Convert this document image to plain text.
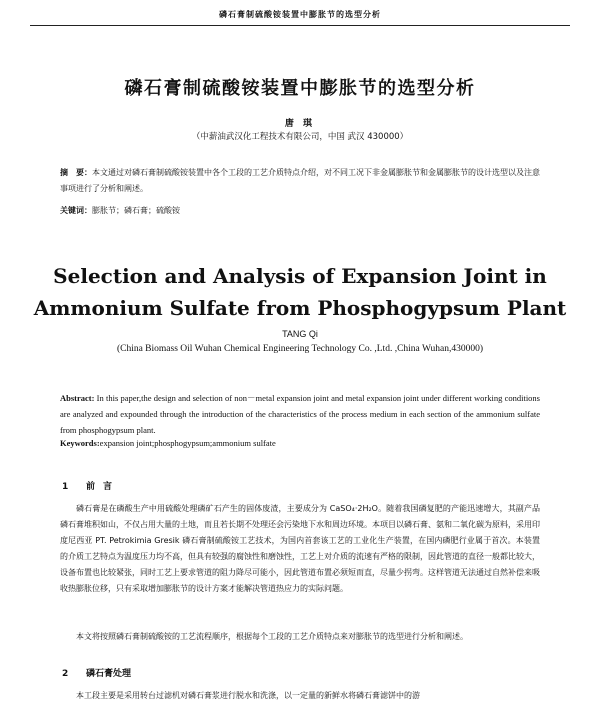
磷石膏制硫酸铵装置中膨胀节的选型分析
磷石膏制硫酸铵装置中膨胀节的选型分析
唐 琪
（中薪油武汉化工程技术有限公司，中国 武汉 430000）
摘　要：本文通过对磷石膏制硫酸铵装置中各个工段的工艺介质特点介绍，对不同工况下非金属膨胀节和金属膨胀节的设计选型以及注意事项进行了分析和阐述。
关键词：膨胀节；磷石膏；硫酸铵
Selection and Analysis of Expansion Joint in
Ammonium Sulfate from Phosphogypsum Plant
TANG Qi
(China Biomass Oil Wuhan Chemical Engineering Technology Co. ,Ltd. ,China Wuhan,430000)
Abstract: In this paper,the design and selection of non－metal expansion joint and metal expansion joint under different working conditions are analyzed and expounded through the introduction of the characteristics of the process medium in each section of the ammonium sulfate from phosphogypsum plant.
Keywords:expansion joint;phosphogypsum;ammonium sulfate
1 前言
磷石膏是在磷酸生产中用硫酸处理磷矿石产生的固体废渣，主要成分为 CaSO₄·2H₂O。随着我国磷复肥的产能迅速增大，其副产品磷石膏堆积如山，不仅占用大量的土地，而且若长期不处理还会污染地下水和周边环境。本项目以磷石膏、氨和二氧化碳为原料，采用印度尼西亚 PT. Petrokimia Gresik 磷石膏制硫酸铵工艺技术，为国内首套该工艺的工业化生产装置，在国内磷肥行业属于首次。本装置的介质工艺特点为温度压力均不高，但具有较强的腐蚀性和磨蚀性，工艺上对介质的流速有严格的限制，因此管道的直径一般都比较大，设备布置也比较紧张，同时工艺上要求管道的阻力降尽可能小，因此管道布置必须短而直，尽量少拐弯。这样管道无法通过自然补偿来吸收热膨胀位移，只有采取增加膨胀节的设计方案才能解决管道热应力的实际问题。
本文将按照磷石膏制硫酸铵的工艺流程顺序，根据每个工段的工艺介质特点来对膨胀节的选型进行分析和阐述。
2 磷石膏处理
本工段主要是采用转台过滤机对磷石膏浆进行脱水和洗涤，以一定量的新鲜水将磷石膏滤饼中的游
